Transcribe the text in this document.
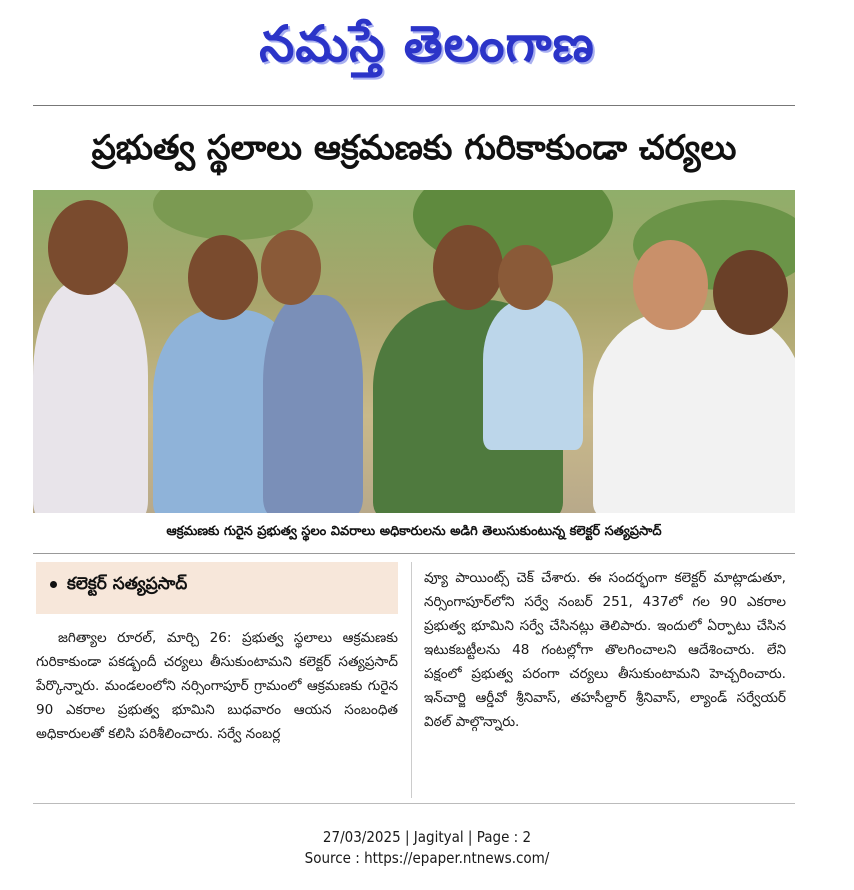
నమస్తే తెలంగాణ
ప్రభుత్వ స్థలాలు ఆక్రమణకు గురికాకుండా చర్యలు
ఆక్రమణకు గురైన ప్రభుత్వ స్థలం వివరాలు అధికారులను అడిగి తెలుసుకుంటున్న కలెక్టర్ సత్యప్రసాద్
కలెక్టర్ సత్యప్రసాద్
జగిత్యాల రూరల్, మార్చి 26: ప్రభుత్వ స్థలాలు ఆక్రమణకు గురికాకుండా పకడ్బందీ చర్యలు తీసుకుంటామని కలెక్టర్ సత్యప్రసాద్ పేర్కొన్నారు. మండలంలోని నర్సింగాపూర్ గ్రామంలో ఆక్రమణకు గురైన 90 ఎకరాల ప్రభుత్వ భూమిని బుధవారం ఆయన సంబంధిత అధికారులతో కలిసి పరిశీలించారు. సర్వే నంబర్ల
వ్యూ పాయింట్స్ చెక్ చేశారు. ఈ సందర్భంగా కలెక్టర్ మాట్లాడుతూ, నర్సింగాపూర్‌లోని సర్వే నంబర్ 251, 437లో గల 90 ఎకరాల ప్రభుత్వ భూమిని సర్వే చేసినట్లు తెలిపారు. ఇందులో ఏర్పాటు చేసిన ఇటుకబట్టీలను 48 గంటల్లోగా తొలగించాలని ఆదేశించారు. లేని పక్షంలో ప్రభుత్వ పరంగా చర్యలు తీసుకుంటామని హెచ్చరించారు. ఇన్‌చార్జి ఆర్డీవో శ్రీనివాస్, తహసీల్దార్ శ్రీనివాస్, ల్యాండ్ సర్వేయర్ విఠల్ పాల్గొన్నారు.
27/03/2025 | Jagityal | Page : 2
Source : https://epaper.ntnews.com/
